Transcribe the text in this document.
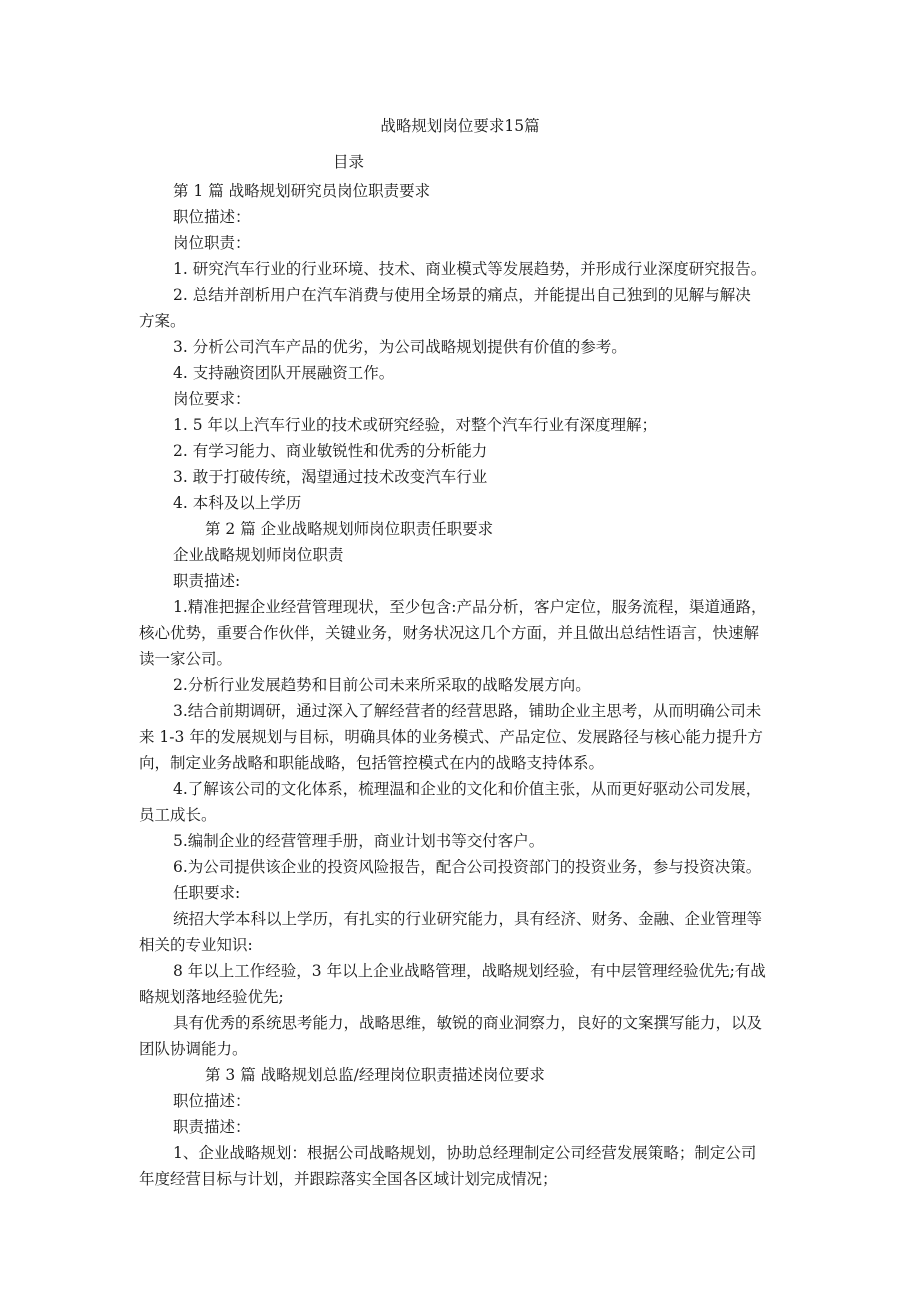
战略规划岗位要求15篇
目录
第 1 篇 战略规划研究员岗位职责要求
职位描述：
岗位职责：
1. 研究汽车行业的行业环境、技术、商业模式等发展趋势，并形成行业深度研究报告。
2. 总结并剖析用户在汽车消费与使用全场景的痛点，并能提出自己独到的见解与解决
方案。
3. 分析公司汽车产品的优劣，为公司战略规划提供有价值的参考。
4. 支持融资团队开展融资工作。
岗位要求：
1. 5 年以上汽车行业的技术或研究经验，对整个汽车行业有深度理解；
2. 有学习能力、商业敏锐性和优秀的分析能力
3. 敢于打破传统，渴望通过技术改变汽车行业
4. 本科及以上学历
第 2 篇 企业战略规划师岗位职责任职要求
企业战略规划师岗位职责
职责描述:
1.精准把握企业经营管理现状，至少包含:产品分析，客户定位，服务流程，渠道通路，
核心优势，重要合作伙伴，关键业务，财务状况这几个方面，并且做出总结性语言，快速解
读一家公司。
2.分析行业发展趋势和目前公司未来所采取的战略发展方向。
3.结合前期调研，通过深入了解经营者的经营思路，铺助企业主思考，从而明确公司未
来 1-3 年的发展规划与目标，明确具体的业务模式、产品定位、发展路径与核心能力提升方
向，制定业务战略和职能战略，包括管控模式在内的战略支持体系。
4.了解该公司的文化体系，梳理温和企业的文化和价值主张，从而更好驱动公司发展，
员工成长。
5.编制企业的经营管理手册，商业计划书等交付客户。
6.为公司提供该企业的投资风险报告，配合公司投资部门的投资业务，参与投资决策。
任职要求:
统招大学本科以上学历，有扎实的行业研究能力，具有经济、财务、金融、企业管理等
相关的专业知识:
8 年以上工作经验，3 年以上企业战略管理，战略规划经验，有中层管理经验优先;有战
略规划落地经验优先;
具有优秀的系统思考能力，战略思维，敏锐的商业洞察力，良好的文案撰写能力，以及
团队协调能力。
第 3 篇 战略规划总监/经理岗位职责描述岗位要求
职位描述：
职责描述：
1、企业战略规划：根据公司战略规划，协助总经理制定公司经营发展策略；制定公司
年度经营目标与计划，并跟踪落实全国各区域计划完成情况；
